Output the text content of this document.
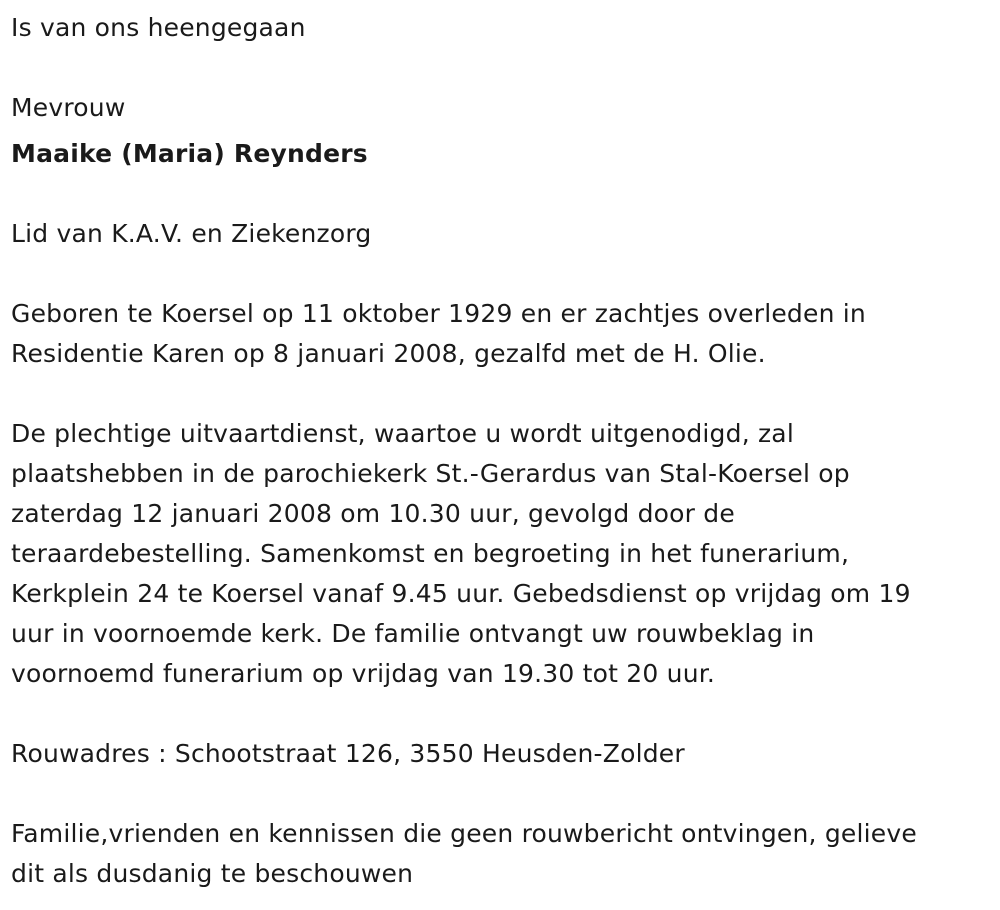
Is van ons heengegaan

Mevrouw

Maaike (Maria) Reynders

Lid van K.A.V. en Ziekenzorg

Geboren te Koersel op 11 oktober 1929 en er zachtjes overleden in

Residentie Karen op 8 januari 2008, gezalfd met de H. Olie.

De plechtige uitvaartdienst, waartoe u wordt uitgenodigd, zal

plaatshebben in de parochiekerk St.-Gerardus van Stal-Koersel op

zaterdag 12 januari 2008 om 10.30 uur, gevolgd door de

teraardebestelling. Samenkomst en begroeting in het funerarium,

Kerkplein 24 te Koersel vanaf 9.45 uur. Gebedsdienst op vrijdag om 19

uur in voornoemde kerk. De familie ontvangt uw rouwbeklag in

voornoemd funerarium op vrijdag van 19.30 tot 20 uur.

Rouwadres : Schootstraat 126, 3550 Heusden-Zolder

Familie,vrienden en kennissen die geen rouwbericht ontvingen, gelieve

dit als dusdanig te beschouwen
